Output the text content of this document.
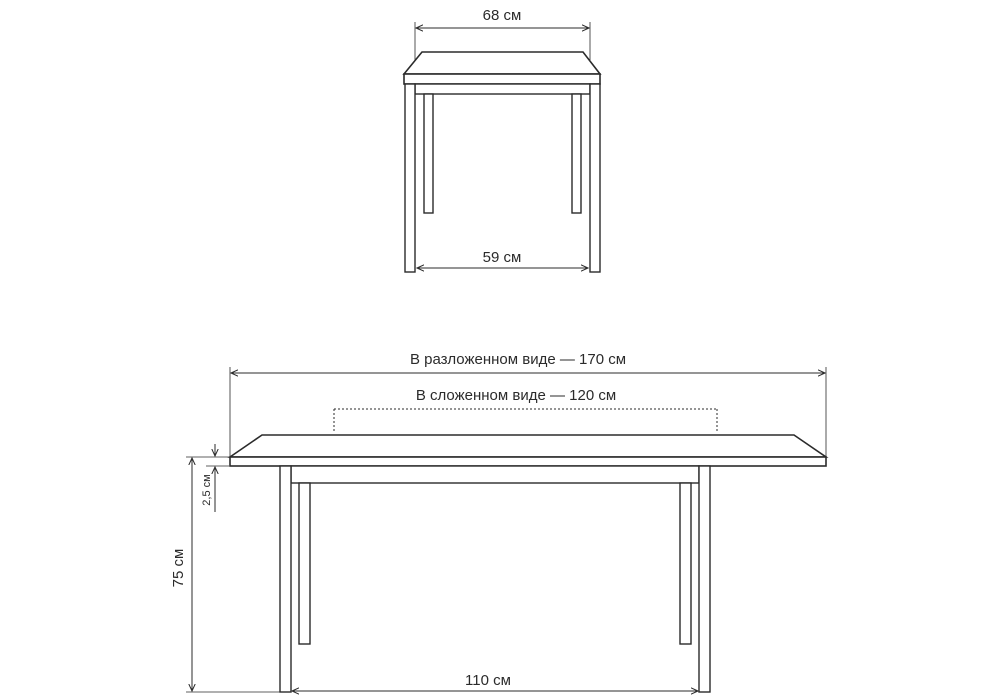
68 см
59 см
В разложенном виде — 170 см
В сложенном виде — 120 см
2,5 см
75 см
110 см
